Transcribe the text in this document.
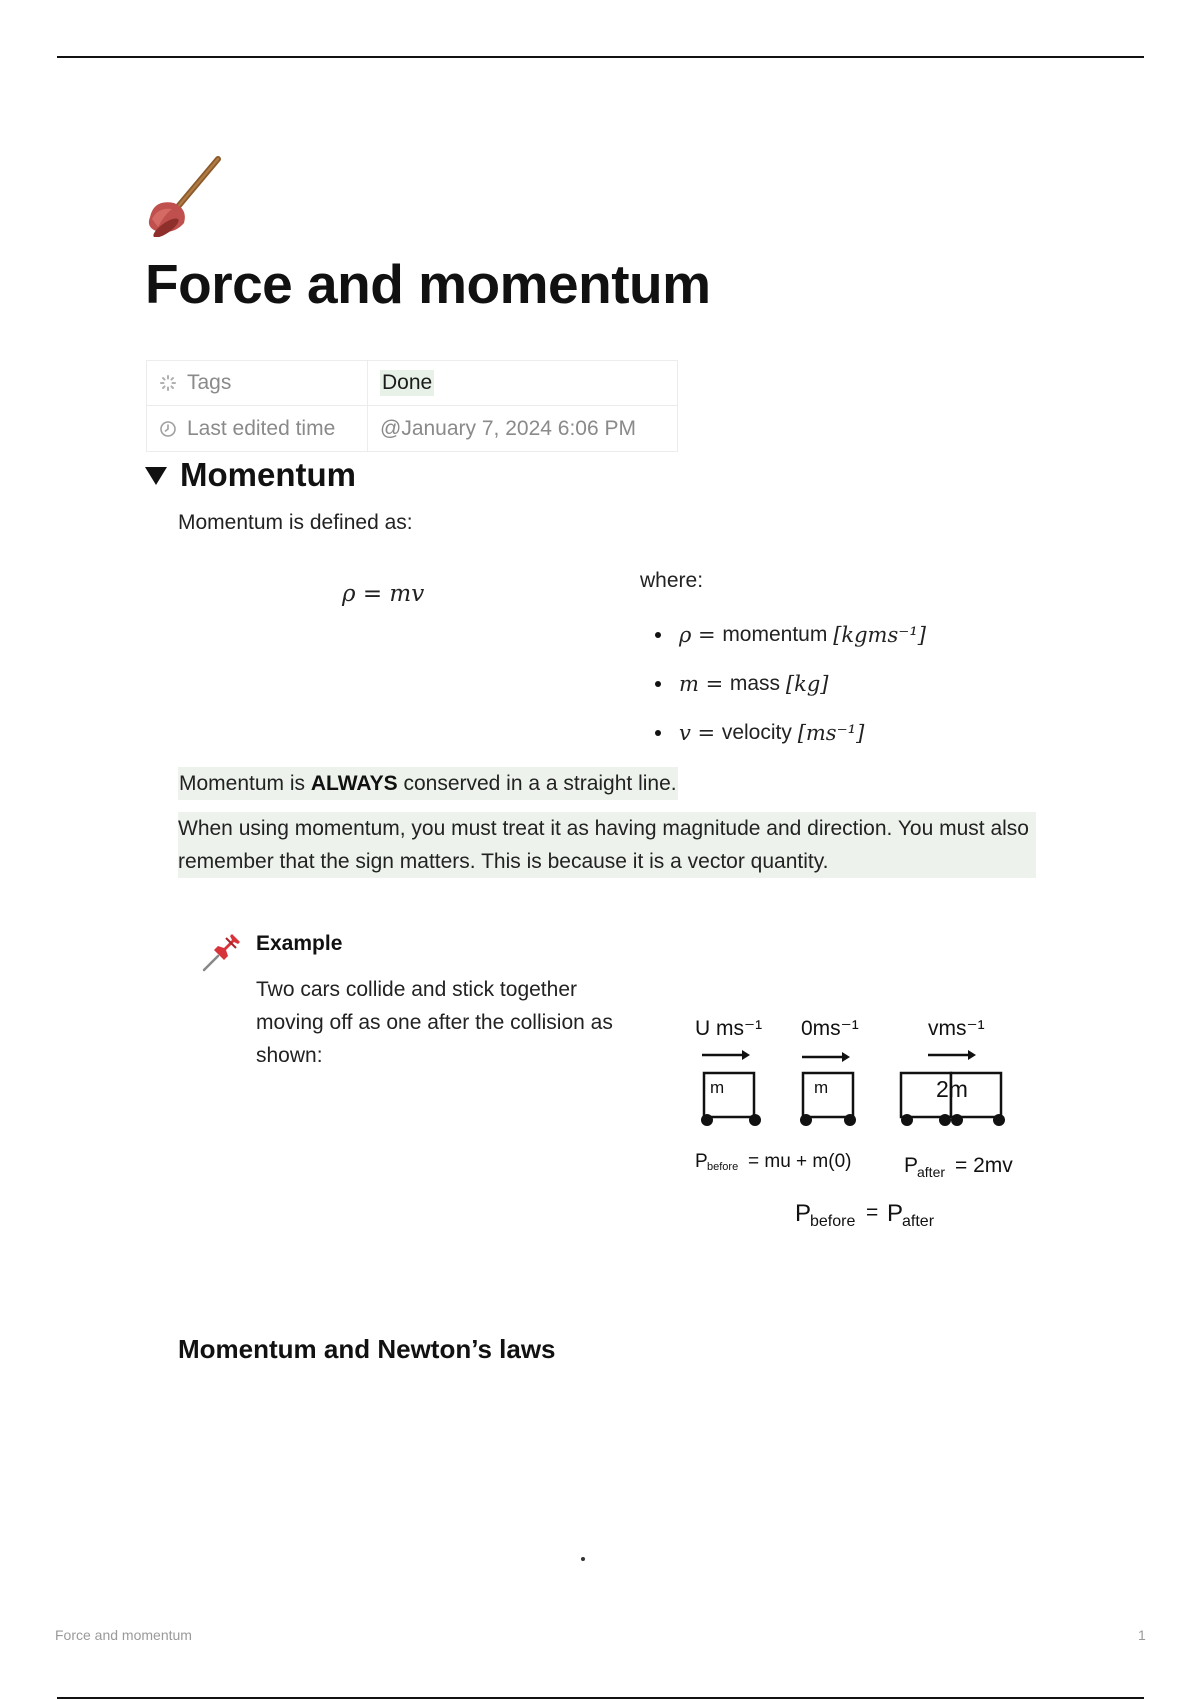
Force and momentum
Tags	Done
Last edited time	@January 7, 2024 6:06 PM
Momentum
Momentum is defined as:
ρ = mv
where:
ρ = momentum
[kgms⁻¹]
m = mass
[kg]
v = velocity
[ms⁻¹]
Momentum is ALWAYS conserved in a a straight line.
When using momentum, you must treat it as having magnitude and direction. You must also remember that the sign matters. This is because it is a vector quantity.
Example
Two cars collide and stick together moving off as one after the collision as shown:
U ms⁻¹ 0ms⁻¹	vms⁻¹
m	m	2m
P before = mu + m(0)	P
after = 2mv
P
before = P
after
Momentum and Newton’s laws
Force and momentum	1
